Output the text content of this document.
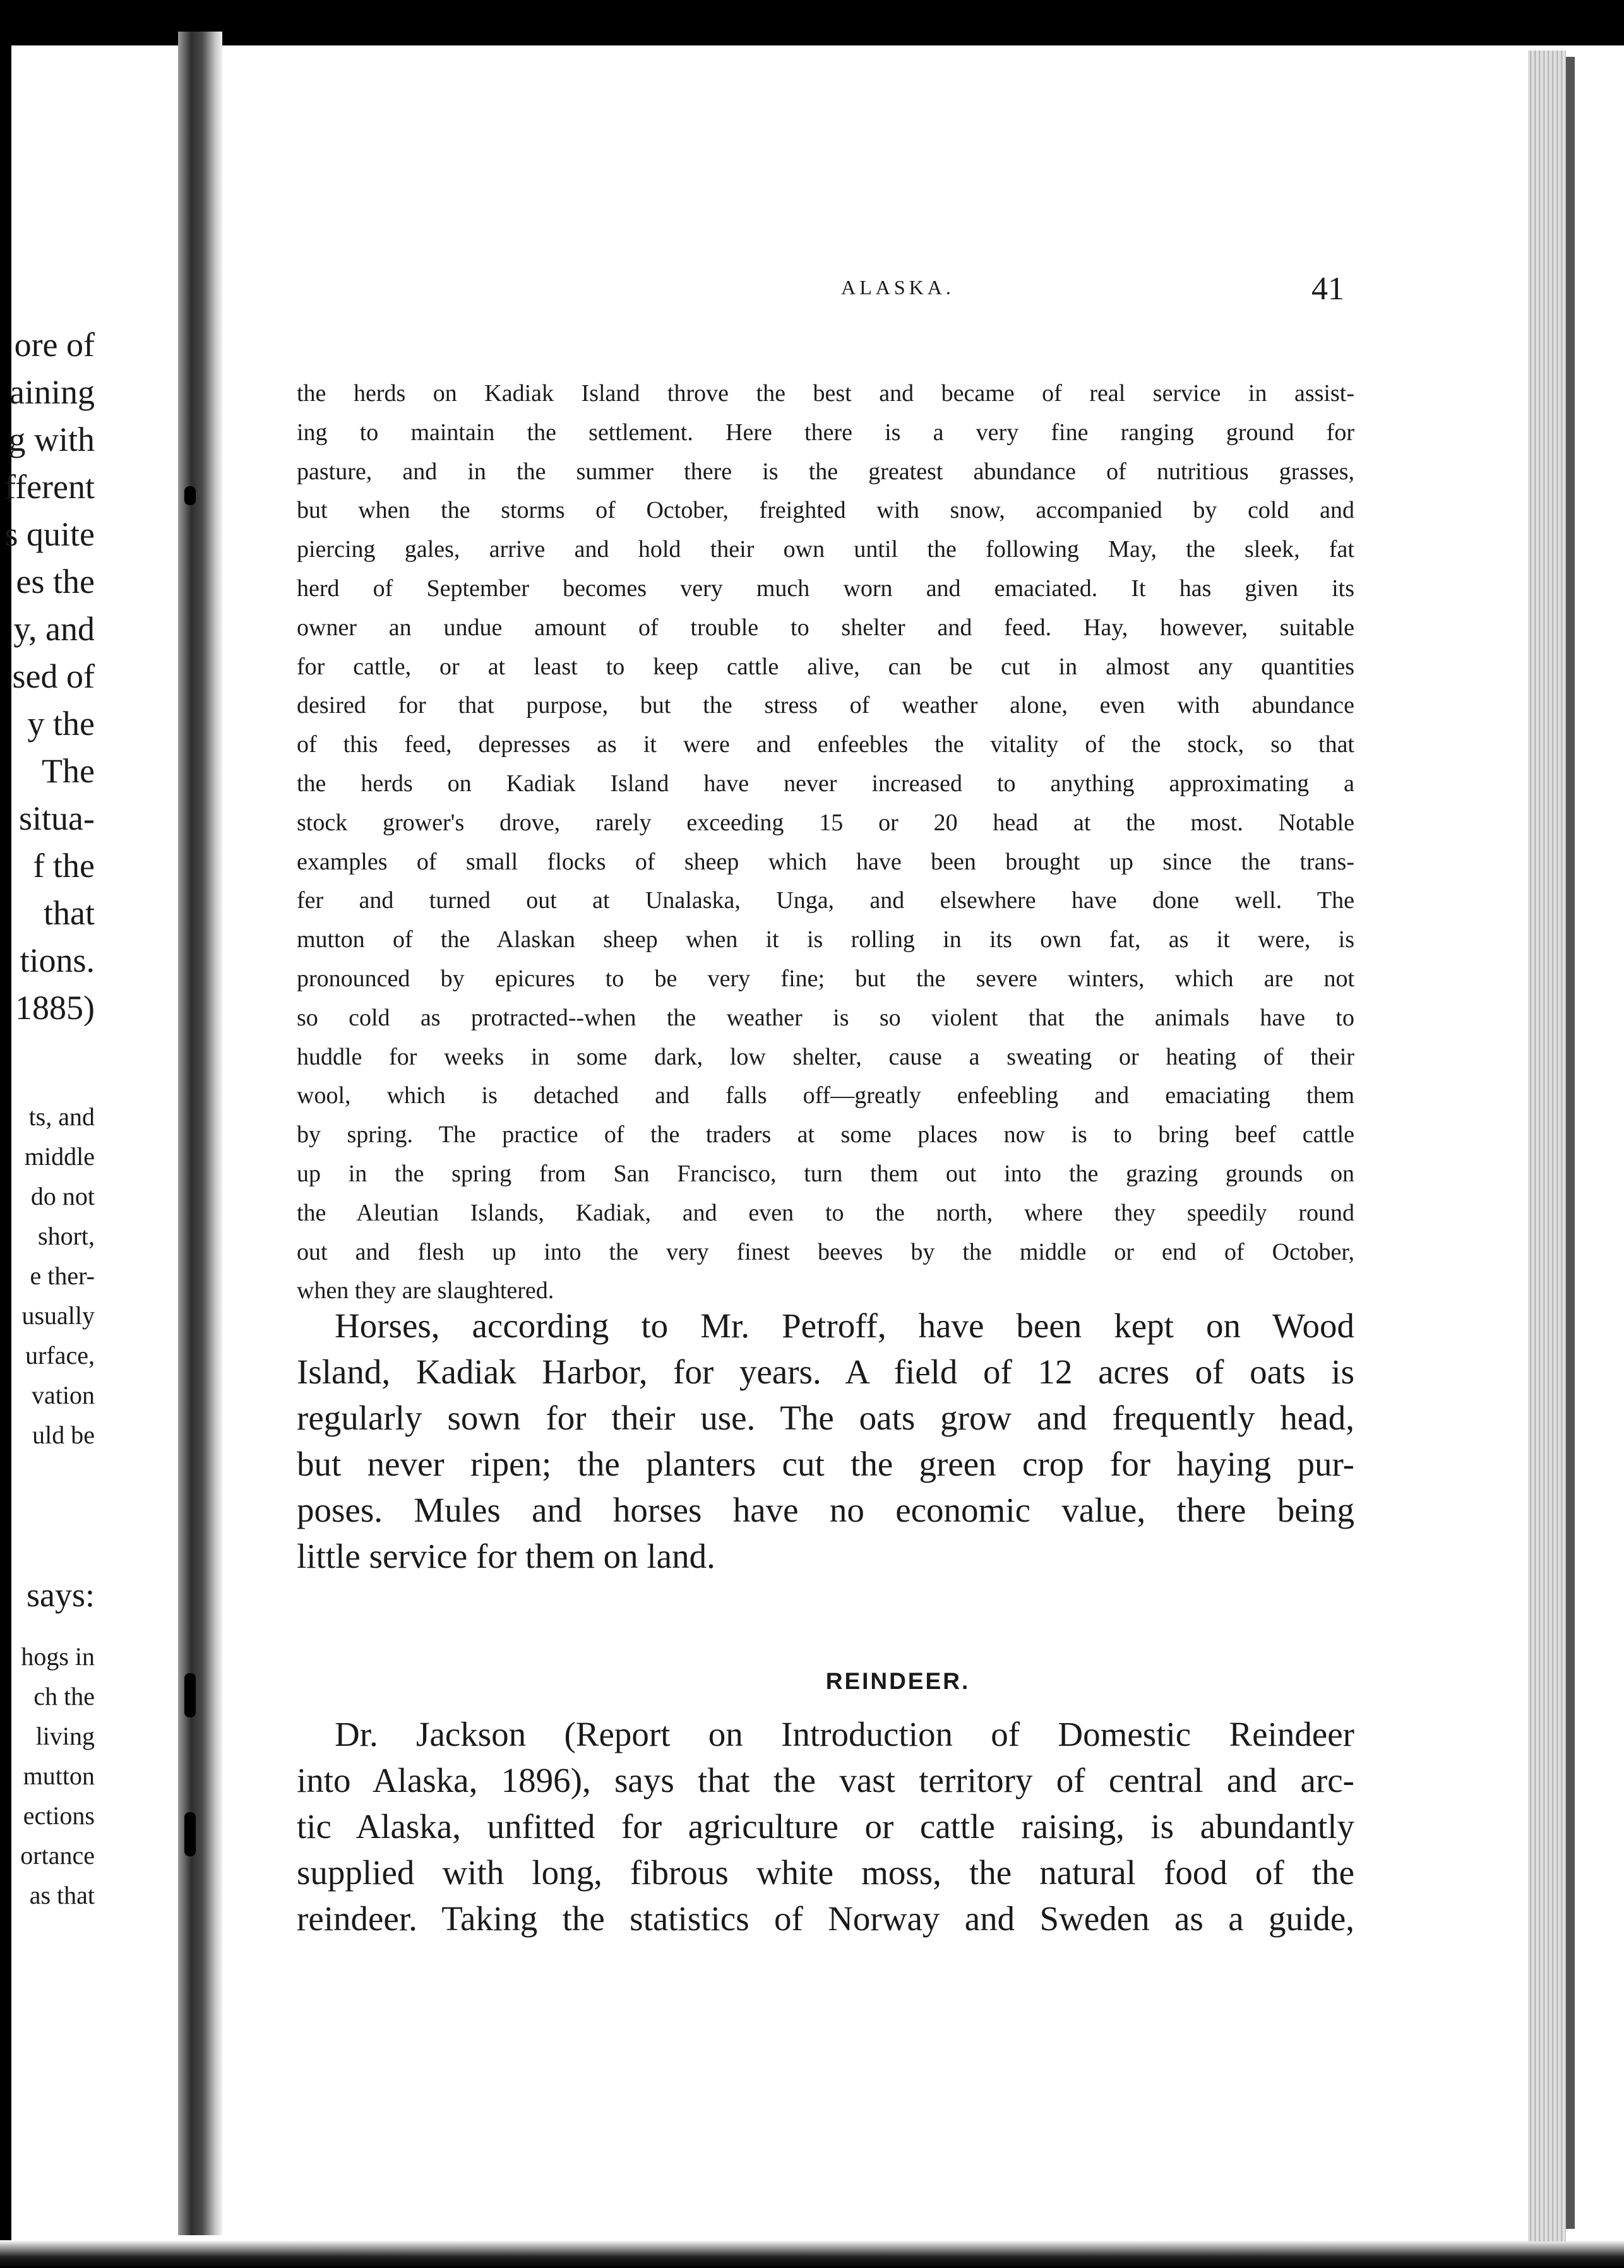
ore of
aining
g with
fferent
s quite
es the
y, and
sed of
y the
The
situa-
f the
that
tions.
1885)
ts, and
middle
do not
short,
e ther-
usually
urface,
vation
uld be
says:
hogs in
ch the
living
mutton
ections
ortance
as that
ALASKA.	41
the herds on Kadiak Island throve the best and became of real service in assist-
ing to maintain the settlement. Here there is a very fine ranging ground for
pasture, and in the summer there is the greatest abundance of nutritious grasses,
but when the storms of October, freighted with snow, accompanied by cold and
piercing gales, arrive and hold their own until the following May, the sleek, fat
herd of September becomes very much worn and emaciated. It has given its
owner an undue amount of trouble to shelter and feed. Hay, however, suitable
for cattle, or at least to keep cattle alive, can be cut in almost any quantities
desired for that purpose, but the stress of weather alone, even with abundance
of this feed, depresses as it were and enfeebles the vitality of the stock, so that
the herds on Kadiak Island have never increased to anything approximating a
stock grower's drove, rarely exceeding 15 or 20 head at the most. Notable
examples of small flocks of sheep which have been brought up since the trans-
fer and turned out at Unalaska, Unga, and elsewhere have done well. The
mutton of the Alaskan sheep when it is rolling in its own fat, as it were, is
pronounced by epicures to be very fine; but the severe winters, which are not
so cold as protracted--when the weather is so violent that the animals have to
huddle for weeks in some dark, low shelter, cause a sweating or heating of their
wool, which is detached and falls off—greatly enfeebling and emaciating them
by spring. The practice of the traders at some places now is to bring beef cattle
up in the spring from San Francisco, turn them out into the grazing grounds on
the Aleutian Islands, Kadiak, and even to the north, where they speedily round
out and flesh up into the very finest beeves by the middle or end of October,
when they are slaughtered.
Horses, according to Mr. Petroff, have been kept on Wood
Island, Kadiak Harbor, for years. A field of 12 acres of oats is
regularly sown for their use. The oats grow and frequently head,
but never ripen; the planters cut the green crop for haying pur-
poses. Mules and horses have no economic value, there being
little service for them on land.
REINDEER.
Dr. Jackson (Report on Introduction of Domestic Reindeer
into Alaska, 1896), says that the vast territory of central and arc-
tic Alaska, unfitted for agriculture or cattle raising, is abundantly
supplied with long, fibrous white moss, the natural food of the
reindeer. Taking the statistics of Norway and Sweden as a guide,
